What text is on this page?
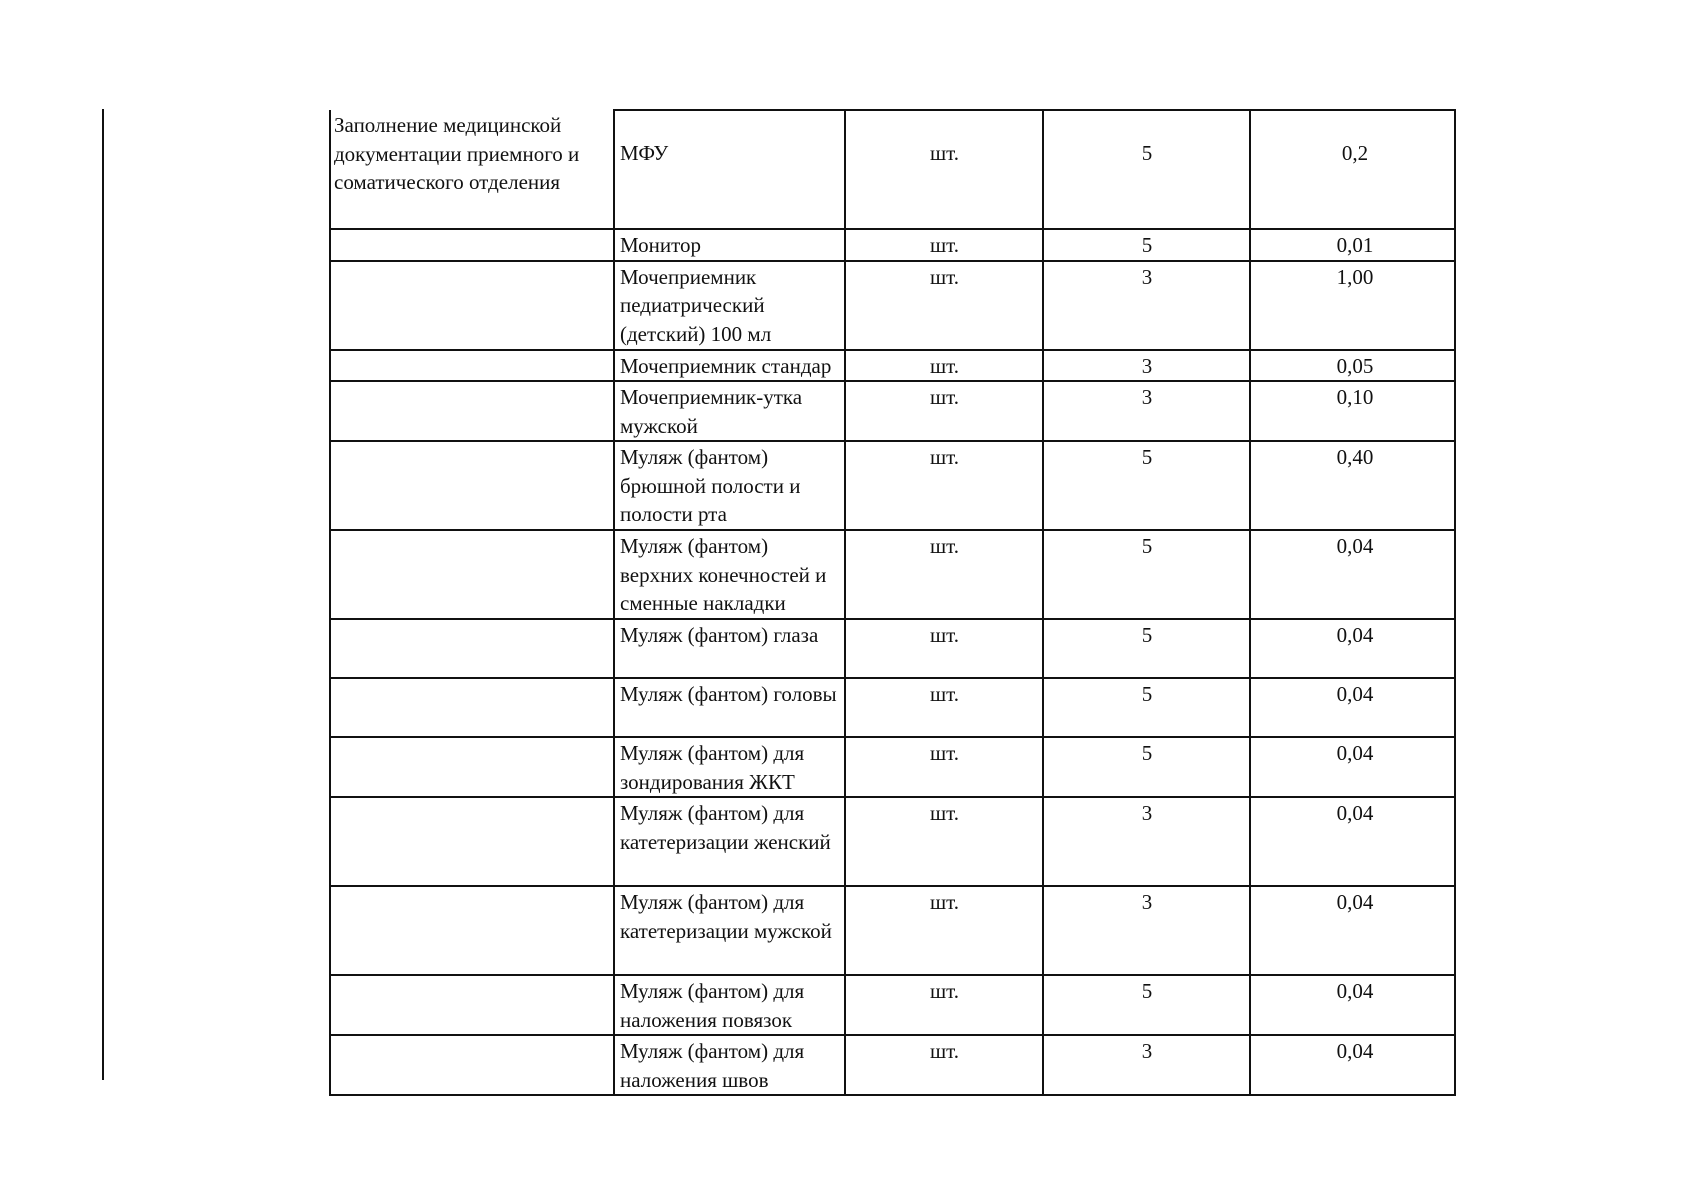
Заполнение медицинской документации приемного и соматического отделения	МФУ	шт.	5	0,2
	Монитор	шт.	5	0,01
	Мочеприемник педиатрический (детский) 100 мл	шт.	3	1,00
	Мочеприемник стандар	шт.	3	0,05
	Мочеприемник-утка мужской	шт.	3	0,10
	Муляж (фантом) брюшной полости и полости рта	шт.	5	0,40
	Муляж (фантом) верхних конечностей и сменные накладки	шт.	5	0,04
	Муляж (фантом) глаза	шт.	5	0,04
	Муляж (фантом) головы	шт.	5	0,04
	Муляж (фантом) для зондирования ЖКТ	шт.	5	0,04
	Муляж (фантом) для катетеризации женский	шт.	3	0,04
	Муляж (фантом) для катетеризации мужской	шт.	3	0,04
	Муляж (фантом) для наложения повязок	шт.	5	0,04
	Муляж (фантом) для наложения швов	шт.	3	0,04
